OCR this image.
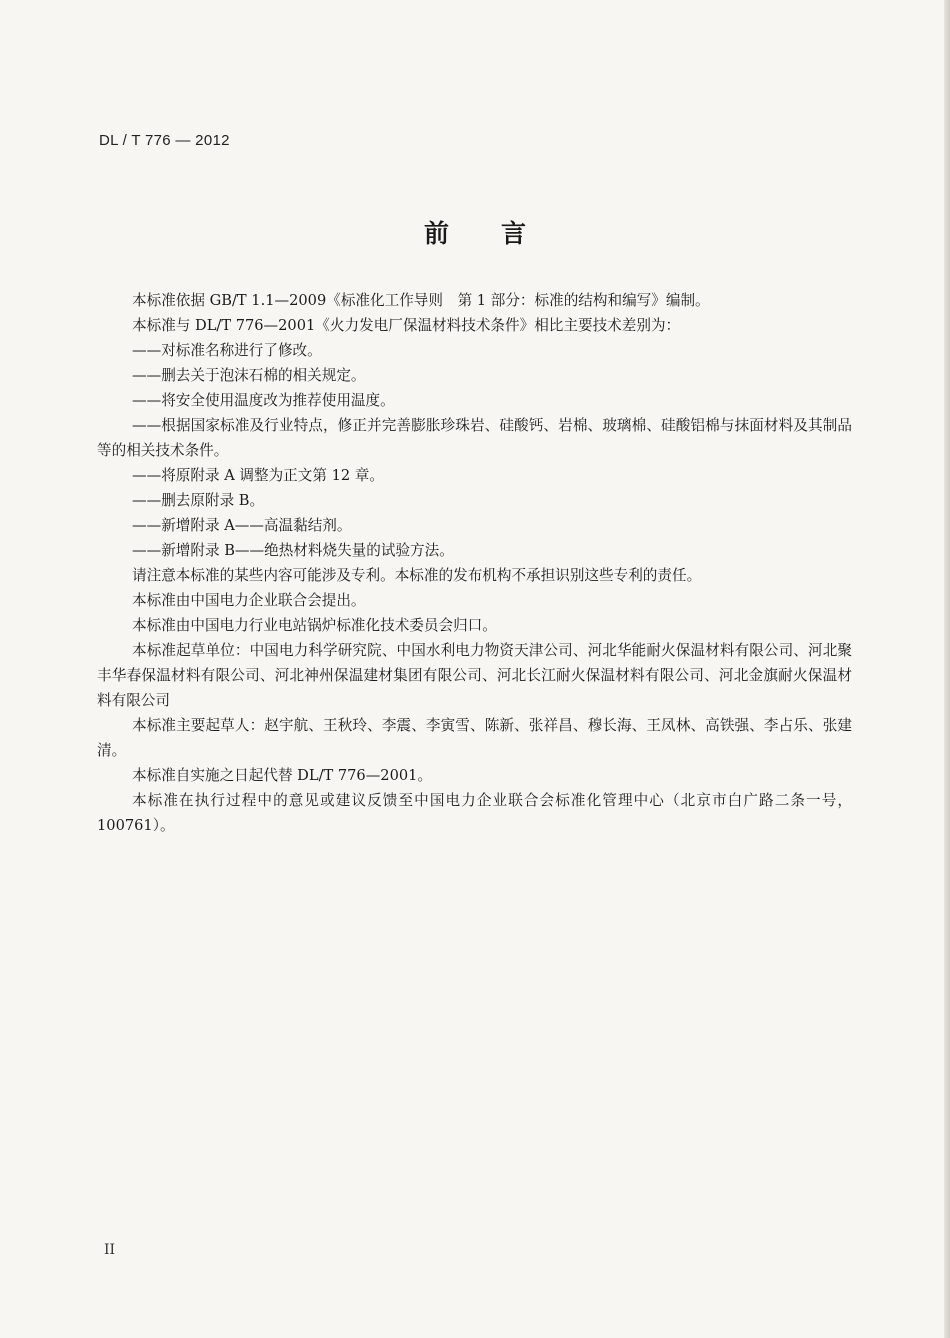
DL / T 776 — 2012
前言

本标准依据 GB/T 1.1—2009《标准化工作导则　第 1 部分：标准的结构和编写》编制。

本标准与 DL/T 776—2001《火力发电厂保温材料技术条件》相比主要技术差别为：

——对标准名称进行了修改。

——删去关于泡沫石棉的相关规定。

——将安全使用温度改为推荐使用温度。

——根据国家标准及行业特点，修正并完善膨胀珍珠岩、硅酸钙、岩棉、玻璃棉、硅酸铝棉与抹面材料及其制品等的相关技术条件。

——将原附录 A 调整为正文第 12 章。

——删去原附录 B。

——新增附录 A——高温黏结剂。

——新增附录 B——绝热材料烧失量的试验方法。

请注意本标准的某些内容可能涉及专利。本标准的发布机构不承担识别这些专利的责任。

本标准由中国电力企业联合会提出。

本标准由中国电力行业电站锅炉标准化技术委员会归口。

本标准起草单位：中国电力科学研究院、中国水利电力物资天津公司、河北华能耐火保温材料有限公司、河北聚丰华春保温材料有限公司、河北神州保温建材集团有限公司、河北长江耐火保温材料有限公司、河北金旗耐火保温材料有限公司

本标准主要起草人：赵宇航、王秋玲、李震、李寅雪、陈新、张祥昌、穆长海、王凤林、高铁强、李占乐、张建清。

本标准自实施之日起代替 DL/T 776—2001。

本标准在执行过程中的意见或建议反馈至中国电力企业联合会标准化管理中心（北京市白广路二条一号，100761）。

II
